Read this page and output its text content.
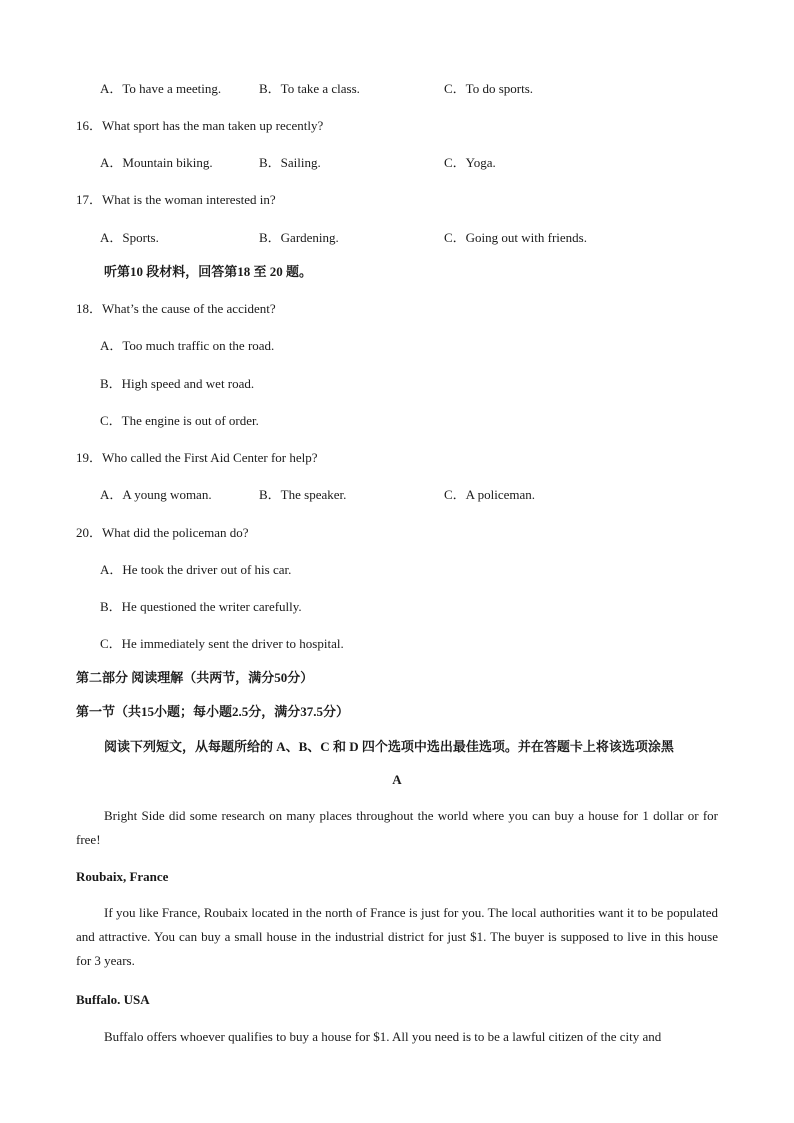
A．To have a meeting.	B．To take a class.	C．To do sports.
16．What sport has the man taken up recently?
A．Mountain biking.	B．Sailing.	C．Yoga.
17．What is the woman interested in?
A．Sports.	B．Gardening.	C．Going out with friends.
听第10 段材料，回答第18 至 20 题。
18．What’s the cause of the accident?
A．Too much traffic on the road.
B．High speed and wet road.
C．The engine is out of order.
19．Who called the First Aid Center for help?
A．A young woman.	B．The speaker.	C．A policeman.
20．What did the policeman do?
A．He took the driver out of his car.
B．He questioned the writer carefully.
C．He immediately sent the driver to hospital.
第二部分 阅读理解（共两节，满分50分）
第一节（共15小题；每小题2.5分，满分37.5分）
阅读下列短文，从每题所给的 A、B、C 和 D 四个选项中选出最佳选项。并在答题卡上将该选项涂黑
A
Bright Side did some research on many places throughout the world where you can buy a house for 1 dollar or for free!
Roubaix, France
If you like France, Roubaix located in the north of France is just for you. The local authorities want it to be populated and attractive. You can buy a small house in the industrial district for just $1. The buyer is supposed to live in this house for 3 years.
Buffalo. USA
Buffalo offers whoever qualifies to buy a house for $1. All you need is to be a lawful citizen of the city and
